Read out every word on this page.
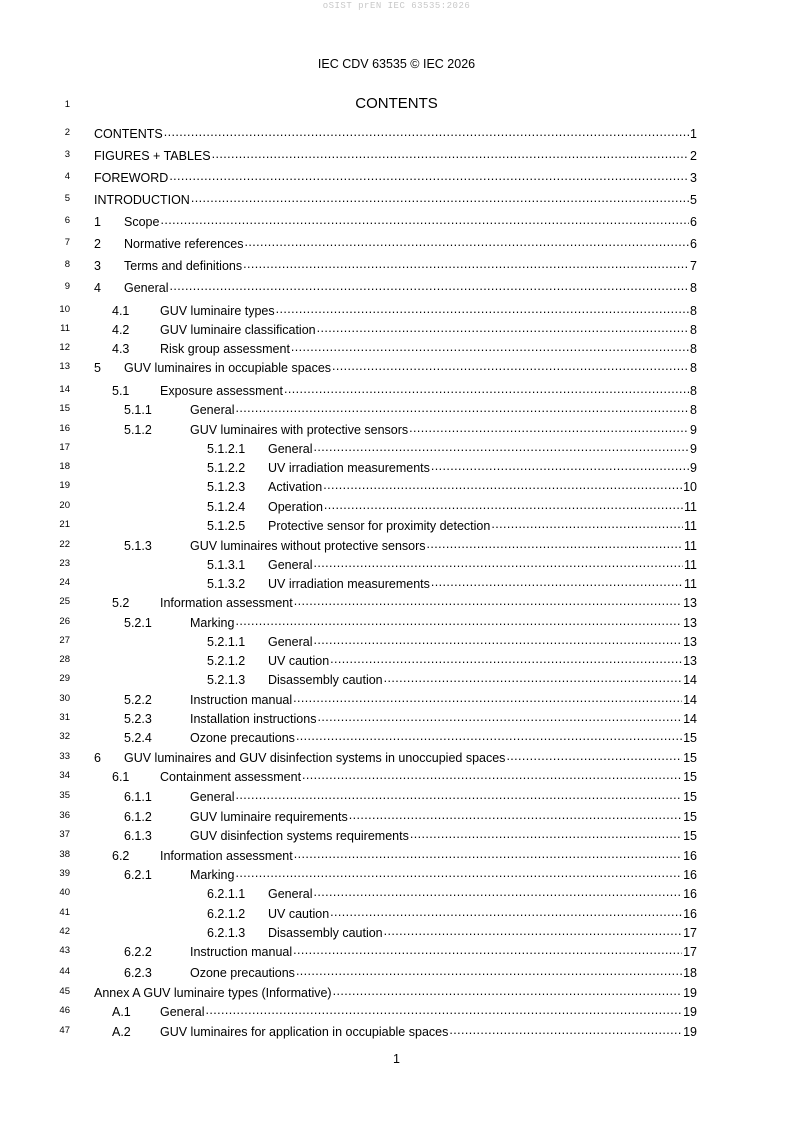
oSIST prEN IEC 63535:2026
IEC CDV 63535 © IEC 2026
1	CONTENTS
2 CONTENTS .....	1
3 FIGURES + TABLES .....	2
4 FOREWORD .....	3
5 INTRODUCTION .....	5
6 1	Scope .....	6
7 2	Normative references .....	6
8 3	Terms and definitions .....	7
9 4	General .....	8
10	4.1	GUV luminaire types .....	8
11	4.2	GUV luminaire classification .....	8
12	4.3	Risk group assessment .....	8
13 5	GUV luminaires in occupiable spaces .....	8
14	5.1	Exposure assessment .....	8
15	5.1.1	General .....	8
16	5.1.2	GUV luminaires with protective sensors .....	9
17	5.1.2.1	General .....	9
18	5.1.2.2	UV irradiation measurements .....	9
19	5.1.2.3	Activation .....	10
20	5.1.2.4	Operation .....	11
21	5.1.2.5	Protective sensor for proximity detection .....	11
22	5.1.3	GUV luminaires without protective sensors .....	11
23	5.1.3.1	General .....	11
24	5.1.3.2	UV irradiation measurements .....	11
25	5.2	Information assessment .....	13
26	5.2.1	Marking .....	13
27	5.2.1.1	General .....	13
28	5.2.1.2	UV caution .....	13
29	5.2.1.3	Disassembly caution .....	14
30	5.2.2	Instruction manual .....	14
31	5.2.3	Installation instructions .....	14
32	5.2.4	Ozone precautions .....	15
33 6	GUV luminaires and GUV disinfection systems in unoccupied spaces .....	15
34	6.1	Containment assessment .....	15
35	6.1.1	General .....	15
36	6.1.2	GUV luminaire requirements .....	15
37	6.1.3	GUV disinfection systems requirements .....	15
38	6.2	Information assessment .....	16
39	6.2.1	Marking .....	16
40	6.2.1.1	General .....	16
41	6.2.1.2	UV caution .....	16
42	6.2.1.3	Disassembly caution .....	17
43	6.2.2	Instruction manual .....	17
44	6.2.3	Ozone precautions .....	18
45 Annex A GUV luminaire types (Informative) .....	19
46	A.1	General .....	19
47	A.2	GUV luminaires for application in occupiable spaces .....	19
1
